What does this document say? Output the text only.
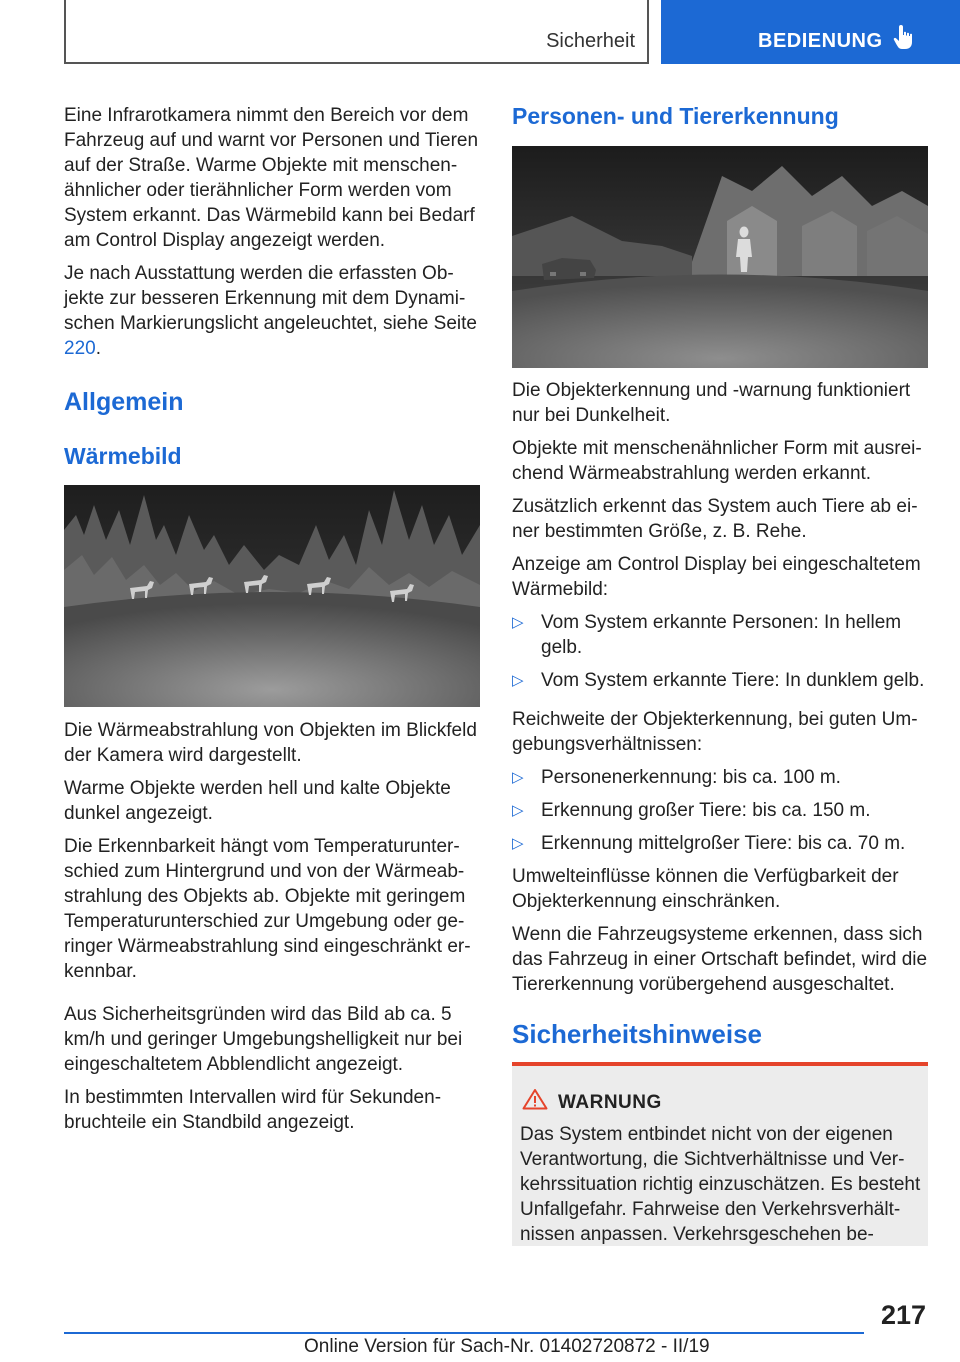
Sicherheit	BEDIENUNG

Eine Infrarotkamera nimmt den Bereich vor dem Fahrzeug auf und warnt vor Personen und Tieren auf der Straße. Warme Objekte mit menschenähnlicher oder tierähnlicher Form werden vom System erkannt. Das Wärmebild kann bei Bedarf am Control Display angezeigt werden.

Je nach Ausstattung werden die erfassten Objekte zur besseren Erkennung mit dem Dynamischen Markierungslicht angeleuchtet, siehe Seite 220.

Allgemein
Wärmebild

Die Wärmeabstrahlung von Objekten im Blickfeld der Kamera wird dargestellt.

Warme Objekte werden hell und kalte Objekte dunkel angezeigt.

Die Erkennbarkeit hängt vom Temperaturunterschied zum Hintergrund und von der Wärmeabstrahlung des Objekts ab. Objekte mit geringem Temperaturunterschied zur Umgebung oder geringer Wärmeabstrahlung sind eingeschränkt erkennbar.

Aus Sicherheitsgründen wird das Bild ab ca. 5 km/h und geringer Umgebungshelligkeit nur bei eingeschaltetem Abblendlicht angezeigt.

In bestimmten Intervallen wird für Sekundenbruchteile ein Standbild angezeigt.

Personen- und Tiererkennung

Die Objekterkennung und -warnung funktioniert nur bei Dunkelheit.

Objekte mit menschenähnlicher Form mit ausreichend Wärmeabstrahlung werden erkannt.

Zusätzlich erkennt das System auch Tiere ab einer bestimmten Größe, z. B. Rehe.

Anzeige am Control Display bei eingeschaltetem Wärmebild:

▷ Vom System erkannte Personen: In hellem gelb.
▷ Vom System erkannte Tiere: In dunklem gelb.

Reichweite der Objekterkennung, bei guten Umgebungsverhältnissen:

▷ Personenerkennung: bis ca. 100 m.
▷ Erkennung großer Tiere: bis ca. 150 m.
▷ Erkennung mittelgroßer Tiere: bis ca. 70 m.

Umwelteinflüsse können die Verfügbarkeit der Objekterkennung einschränken.

Wenn die Fahrzeugsysteme erkennen, dass sich das Fahrzeug in einer Ortschaft befindet, wird die Tiererkennung vorübergehend ausgeschaltet.

Sicherheitshinweise
WARNUNG
Das System entbindet nicht von der eigenen Verantwortung, die Sichtverhältnisse und Verkehrssituation richtig einzuschätzen. Es besteht Unfallgefahr. Fahrweise den Verkehrsverhältnissen anpassen. Verkehrsgeschehen be-
217
Online Version für Sach-Nr. 01402720872 - II/19
